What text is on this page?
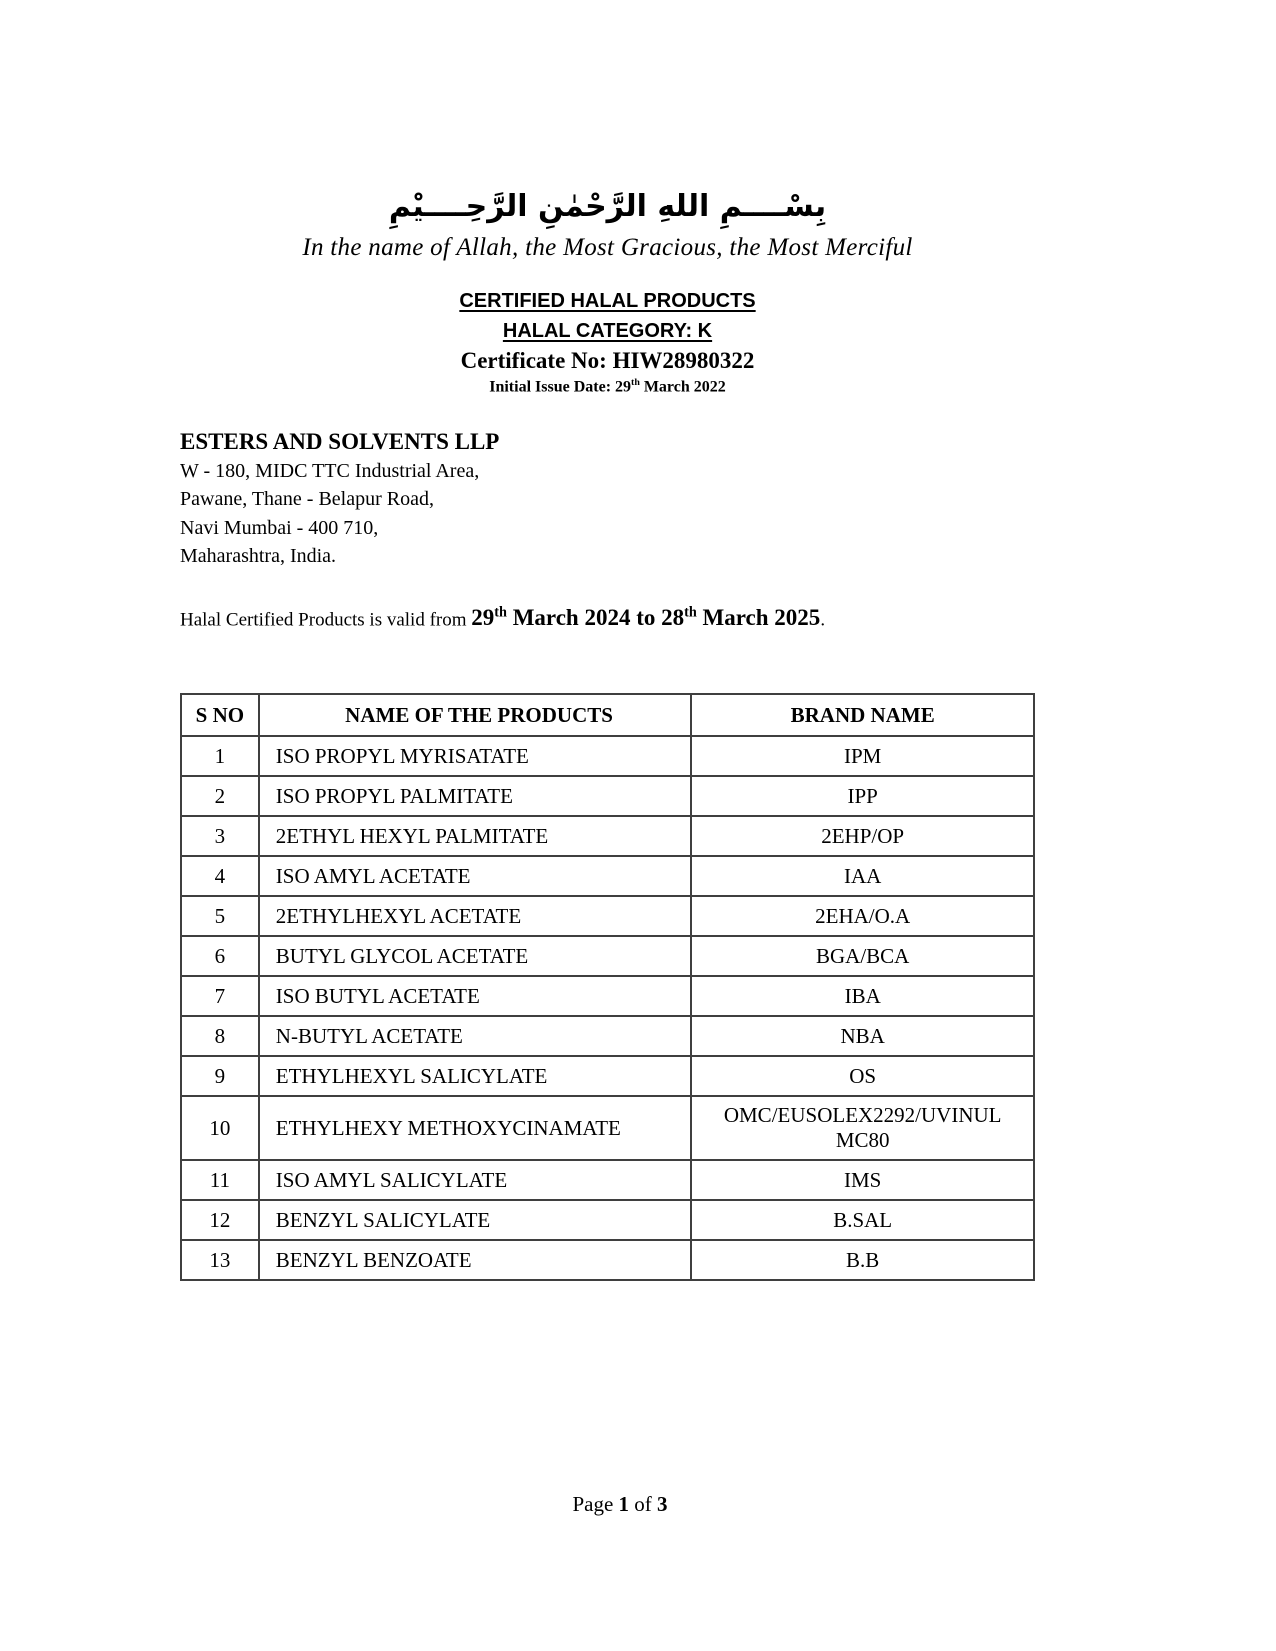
بِسْــــمِ اللهِ الرَّحْمٰنِ الرَّحِــــيْمِ
In the name of Allah, the Most Gracious, the Most Merciful
CERTIFIED HALAL PRODUCTS
HALAL CATEGORY: K
Certificate No: HIW28980322
Initial Issue Date: 29th March 2022
ESTERS AND SOLVENTS LLP
W - 180, MIDC TTC Industrial Area,
Pawane, Thane - Belapur Road,
Navi Mumbai - 400 710,
Maharashtra, India.
Halal Certified Products is valid from 29th March 2024 to 28th March 2025.
S NO	NAME OF THE PRODUCTS	BRAND NAME
1	ISO PROPYL MYRISATATE	IPM
2	ISO PROPYL PALMITATE	IPP
3	2ETHYL HEXYL PALMITATE	2EHP/OP
4	ISO AMYL ACETATE	IAA
5	2ETHYLHEXYL ACETATE	2EHA/O.A
6	BUTYL GLYCOL ACETATE	BGA/BCA
7	ISO BUTYL ACETATE	IBA
8	N-BUTYL ACETATE	NBA
9	ETHYLHEXYL SALICYLATE	OS
10	ETHYLHEXY METHOXYCINAMATE	OMC/EUSOLEX2292/UVINUL MC80
11	ISO AMYL SALICYLATE	IMS
12	BENZYL SALICYLATE	B.SAL
13	BENZYL BENZOATE	B.B
Page 1 of 3
